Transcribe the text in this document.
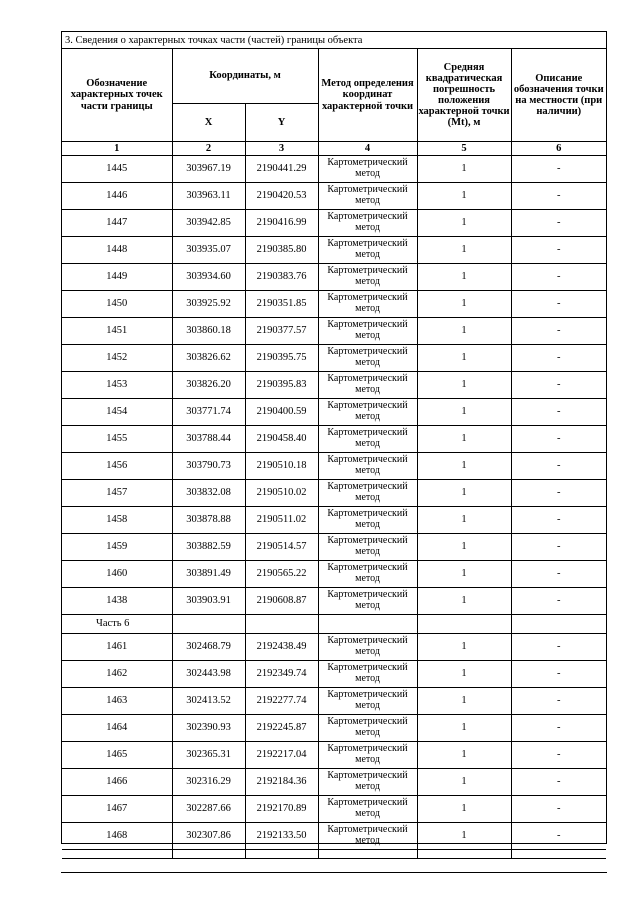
3. Сведения о характерных точках части (частей) границы объекта
Обозначение характерных точек части границы	Координаты, м		Метод определения координат характерной точки	Средняя квадратическая погрешность положения характерной точки (Mt), м	Описание обозначения точки на местности (при наличии)
	X	Y			
1	2	3	4	5	6
1445	303967.19	2190441.29	Картометрический метод	1	-
1446	303963.11	2190420.53	Картометрический метод	1	-
1447	303942.85	2190416.99	Картометрический метод	1	-
1448	303935.07	2190385.80	Картометрический метод	1	-
1449	303934.60	2190383.76	Картометрический метод	1	-
1450	303925.92	2190351.85	Картометрический метод	1	-
1451	303860.18	2190377.57	Картометрический метод	1	-
1452	303826.62	2190395.75	Картометрический метод	1	-
1453	303826.20	2190395.83	Картометрический метод	1	-
1454	303771.74	2190400.59	Картометрический метод	1	-
1455	303788.44	2190458.40	Картометрический метод	1	-
1456	303790.73	2190510.18	Картометрический метод	1	-
1457	303832.08	2190510.02	Картометрический метод	1	-
1458	303878.88	2190511.02	Картометрический метод	1	-
1459	303882.59	2190514.57	Картометрический метод	1	-
1460	303891.49	2190565.22	Картометрический метод	1	-
1438	303903.91	2190608.87	Картометрический метод	1	-
Часть 6					
1461	302468.79	2192438.49	Картометрический метод	1	-
1462	302443.98	2192349.74	Картометрический метод	1	-
1463	302413.52	2192277.74	Картометрический метод	1	-
1464	302390.93	2192245.87	Картометрический метод	1	-
1465	302365.31	2192217.04	Картометрический метод	1	-
1466	302316.29	2192184.36	Картометрический метод	1	-
1467	302287.66	2192170.89	Картометрический метод	1	-
1468	302307.86	2192133.50	Картометрический метод	1	-
